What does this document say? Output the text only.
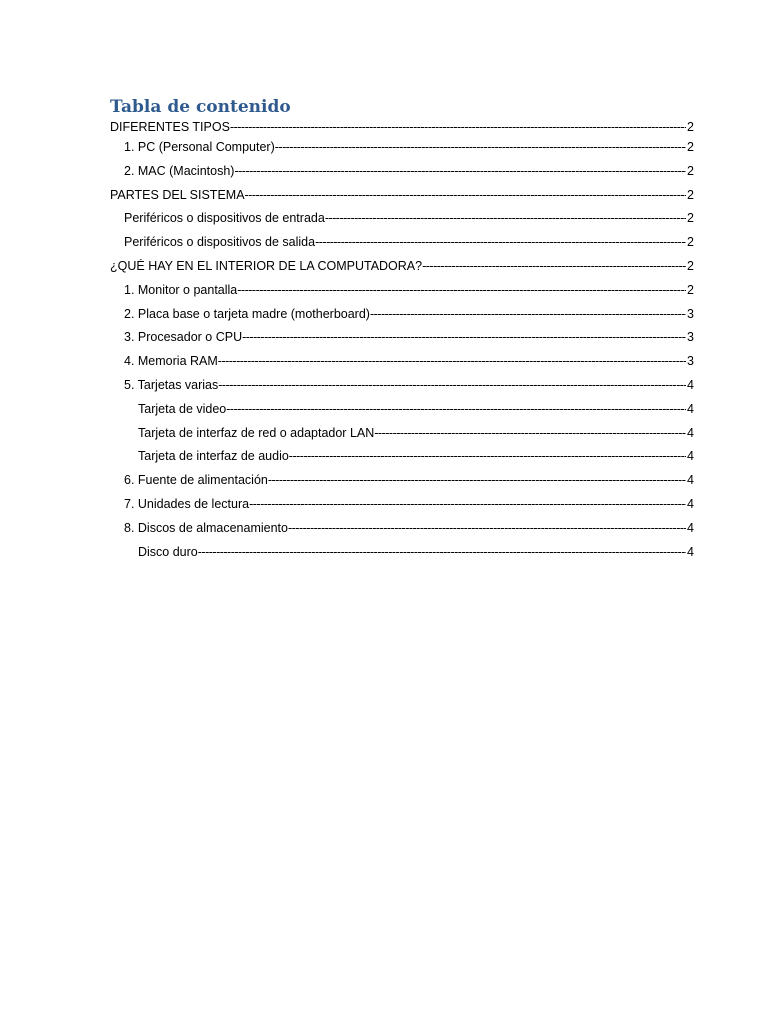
Tabla de contenido
DIFERENTES TIPOS -----	2
1. PC (Personal Computer) -----	2
2. MAC (Macintosh) -----	2
PARTES DEL SISTEMA -----	2
Periféricos o dispositivos de entrada -----	2
Periféricos o dispositivos de salida -----	2
¿QUÉ HAY EN EL INTERIOR DE LA COMPUTADORA? -----	2
1. Monitor o pantalla -----	2
2. Placa base o tarjeta madre (motherboard) -----	3
3. Procesador o CPU -----	3
4. Memoria RAM -----	3
5. Tarjetas varias -----	4
Tarjeta de video -----	4
Tarjeta de interfaz de red o adaptador LAN -----	4
Tarjeta de interfaz de audio -----	4
6. Fuente de alimentación -----	4
7. Unidades de lectura -----	4
8. Discos de almacenamiento -----	4
Disco duro -----	4
